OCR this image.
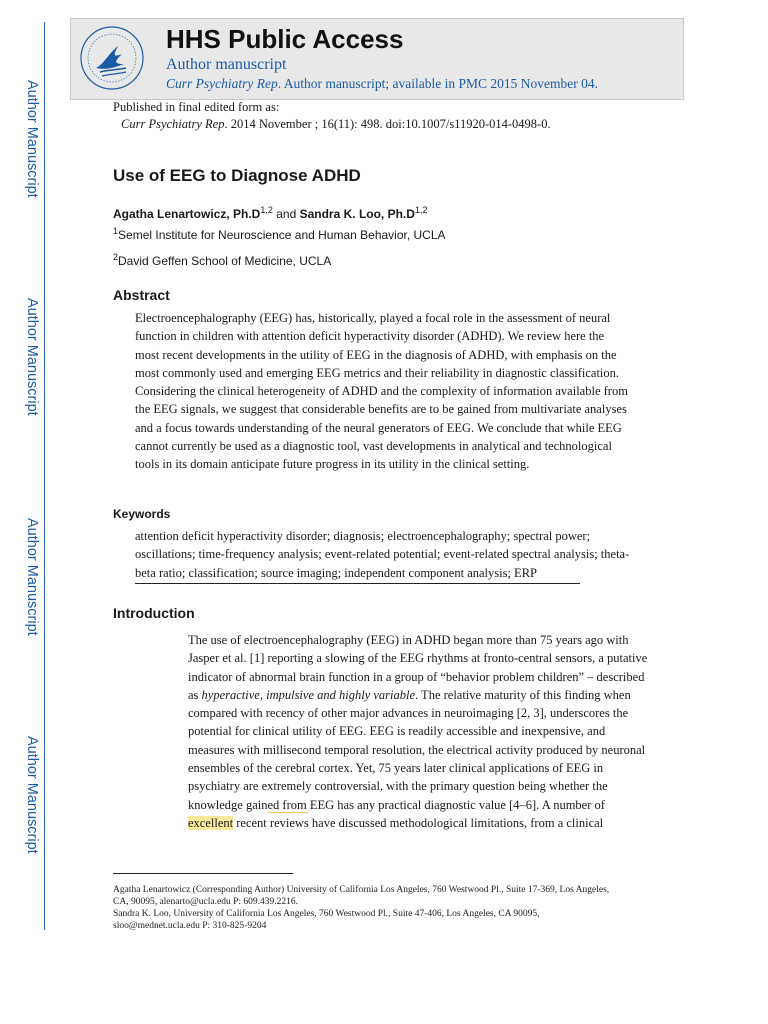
Author Manuscript
Author Manuscript
Author Manuscript
Author Manuscript
HHS Public Access
Author manuscript
Curr Psychiatry Rep. Author manuscript; available in PMC 2015 November 04.
Published in final edited form as:
Curr Psychiatry Rep. 2014 November ; 16(11): 498. doi:10.1007/s11920-014-0498-0.
Use of EEG to Diagnose ADHD
Agatha Lenartowicz, $Ph.D^{1,2}$ and Sandra K. Loo, $Ph.D^{1,2}$
$^1$Semel Institute for Neuroscience and Human Behavior, UCLA
$^2$David Geffen School of Medicine, UCLA
Abstract
Electroencephalography (EEG) has, historically, played a focal role in the assessment of neural
function in children with attention deficit hyperactivity disorder (ADHD). We review here the
most recent developments in the utility of EEG in the diagnosis of ADHD, with emphasis on the
most commonly used and emerging EEG metrics and their reliability in diagnostic classification.
Considering the clinical heterogeneity of ADHD and the complexity of information available from
the EEG signals, we suggest that considerable benefits are to be gained from multivariate analyses
and a focus towards understanding of the neural generators of EEG. We conclude that while EEG
cannot currently be used as a diagnostic tool, vast developments in analytical and technological
tools in its domain anticipate future progress in its utility in the clinical setting.
Keywords
attention deficit hyperactivity disorder; diagnosis; electroencephalography; spectral power;
oscillations; time-frequency analysis; event-related potential; event-related spectral analysis; theta-
beta ratio; classification; source imaging; independent component analysis; ERP
Introduction
The use of electroencephalography (EEG) in ADHD began more than 75 years ago with
Jasper et al. [1] reporting a slowing of the EEG rhythms at fronto-central sensors, a putative
indicator of abnormal brain function in a group of “behavior problem children” – described
as hyperactive, impulsive and highly variable. The relative maturity of this finding when
compared with recency of other major advances in neuroimaging [2, 3], underscores the
potential for clinical utility of EEG. EEG is readily accessible and inexpensive, and
measures with millisecond temporal resolution, the electrical activity produced by neuronal
ensembles of the cerebral cortex. Yet, 75 years later clinical applications of EEG in
psychiatry are extremely controversial, with the primary question being whether the
knowledge gained from EEG has any practical diagnostic value [4–6]. A number of
excellent recent reviews have discussed methodological limitations, from a clinical
Agatha Lenartowicz (Corresponding Author) University of California Los Angeles, 760 Westwood Pl., Suite 17-369, Los Angeles,
CA, 90095, alenarto@ucla.edu P: 609.439.2216.
Sandra K. Loo, University of California Los Angeles, 760 Westwood Pl., Suite 47-406, Los Angeles, CA 90095,
sloo@mednet.ucla.edu P: 310-825-9204
